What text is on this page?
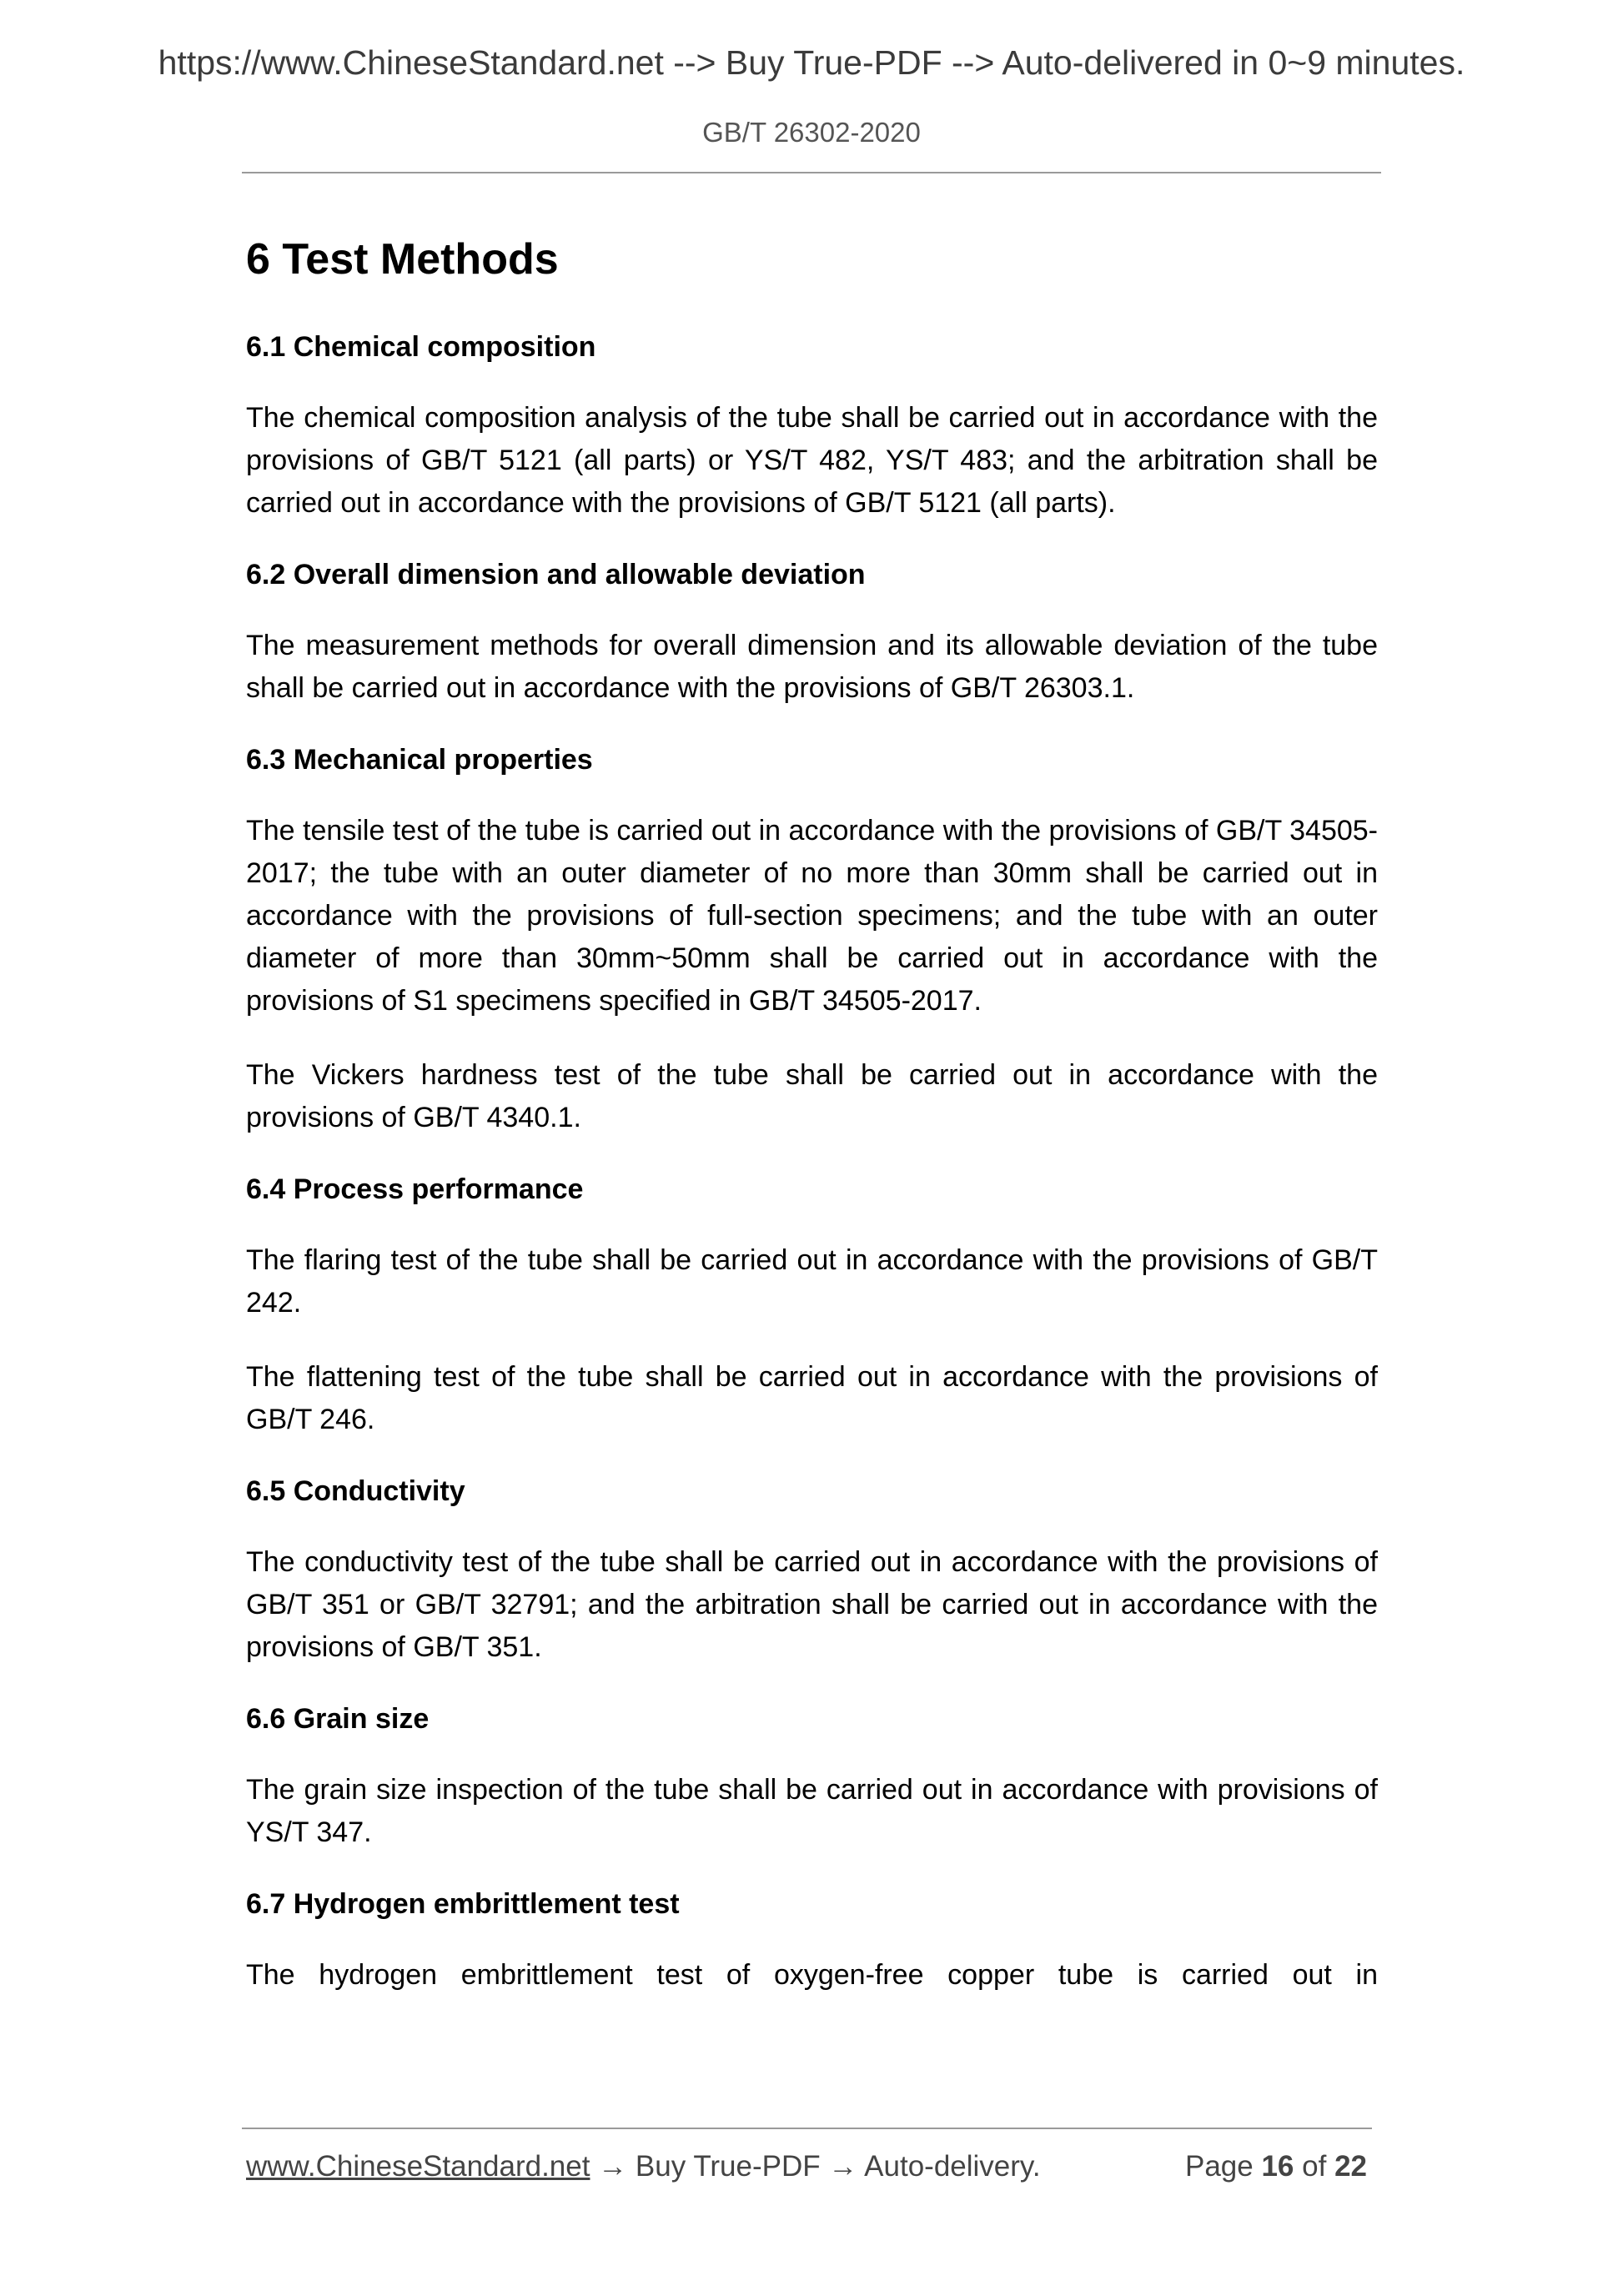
https://www.ChineseStandard.net --> Buy True-PDF --> Auto-delivered in 0~9 minutes.
GB/T 26302-2020
6 Test Methods
6.1 Chemical composition
The chemical composition analysis of the tube shall be carried out in accordance with the provisions of GB/T 5121 (all parts) or YS/T 482, YS/T 483; and the arbitration shall be carried out in accordance with the provisions of GB/T 5121 (all parts).
6.2 Overall dimension and allowable deviation
The measurement methods for overall dimension and its allowable deviation of the tube shall be carried out in accordance with the provisions of GB/T 26303.1.
6.3 Mechanical properties
The tensile test of the tube is carried out in accordance with the provisions of GB/T 34505-2017; the tube with an outer diameter of no more than 30mm shall be carried out in accordance with the provisions of full-section specimens; and the tube with an outer diameter of more than 30mm~50mm shall be carried out in accordance with the provisions of S1 specimens specified in GB/T 34505-2017.
The Vickers hardness test of the tube shall be carried out in accordance with the provisions of GB/T 4340.1.
6.4 Process performance
The flaring test of the tube shall be carried out in accordance with the provisions of GB/T 242.
The flattening test of the tube shall be carried out in accordance with the provisions of GB/T 246.
6.5 Conductivity
The conductivity test of the tube shall be carried out in accordance with the provisions of GB/T 351 or GB/T 32791; and the arbitration shall be carried out in accordance with the provisions of GB/T 351.
6.6 Grain size
The grain size inspection of the tube shall be carried out in accordance with provisions of YS/T 347.
6.7 Hydrogen embrittlement test
The hydrogen embrittlement test of oxygen-free copper tube is carried out in
www.ChineseStandard.net → Buy True-PDF → Auto-delivery.	Page 16 of 22
